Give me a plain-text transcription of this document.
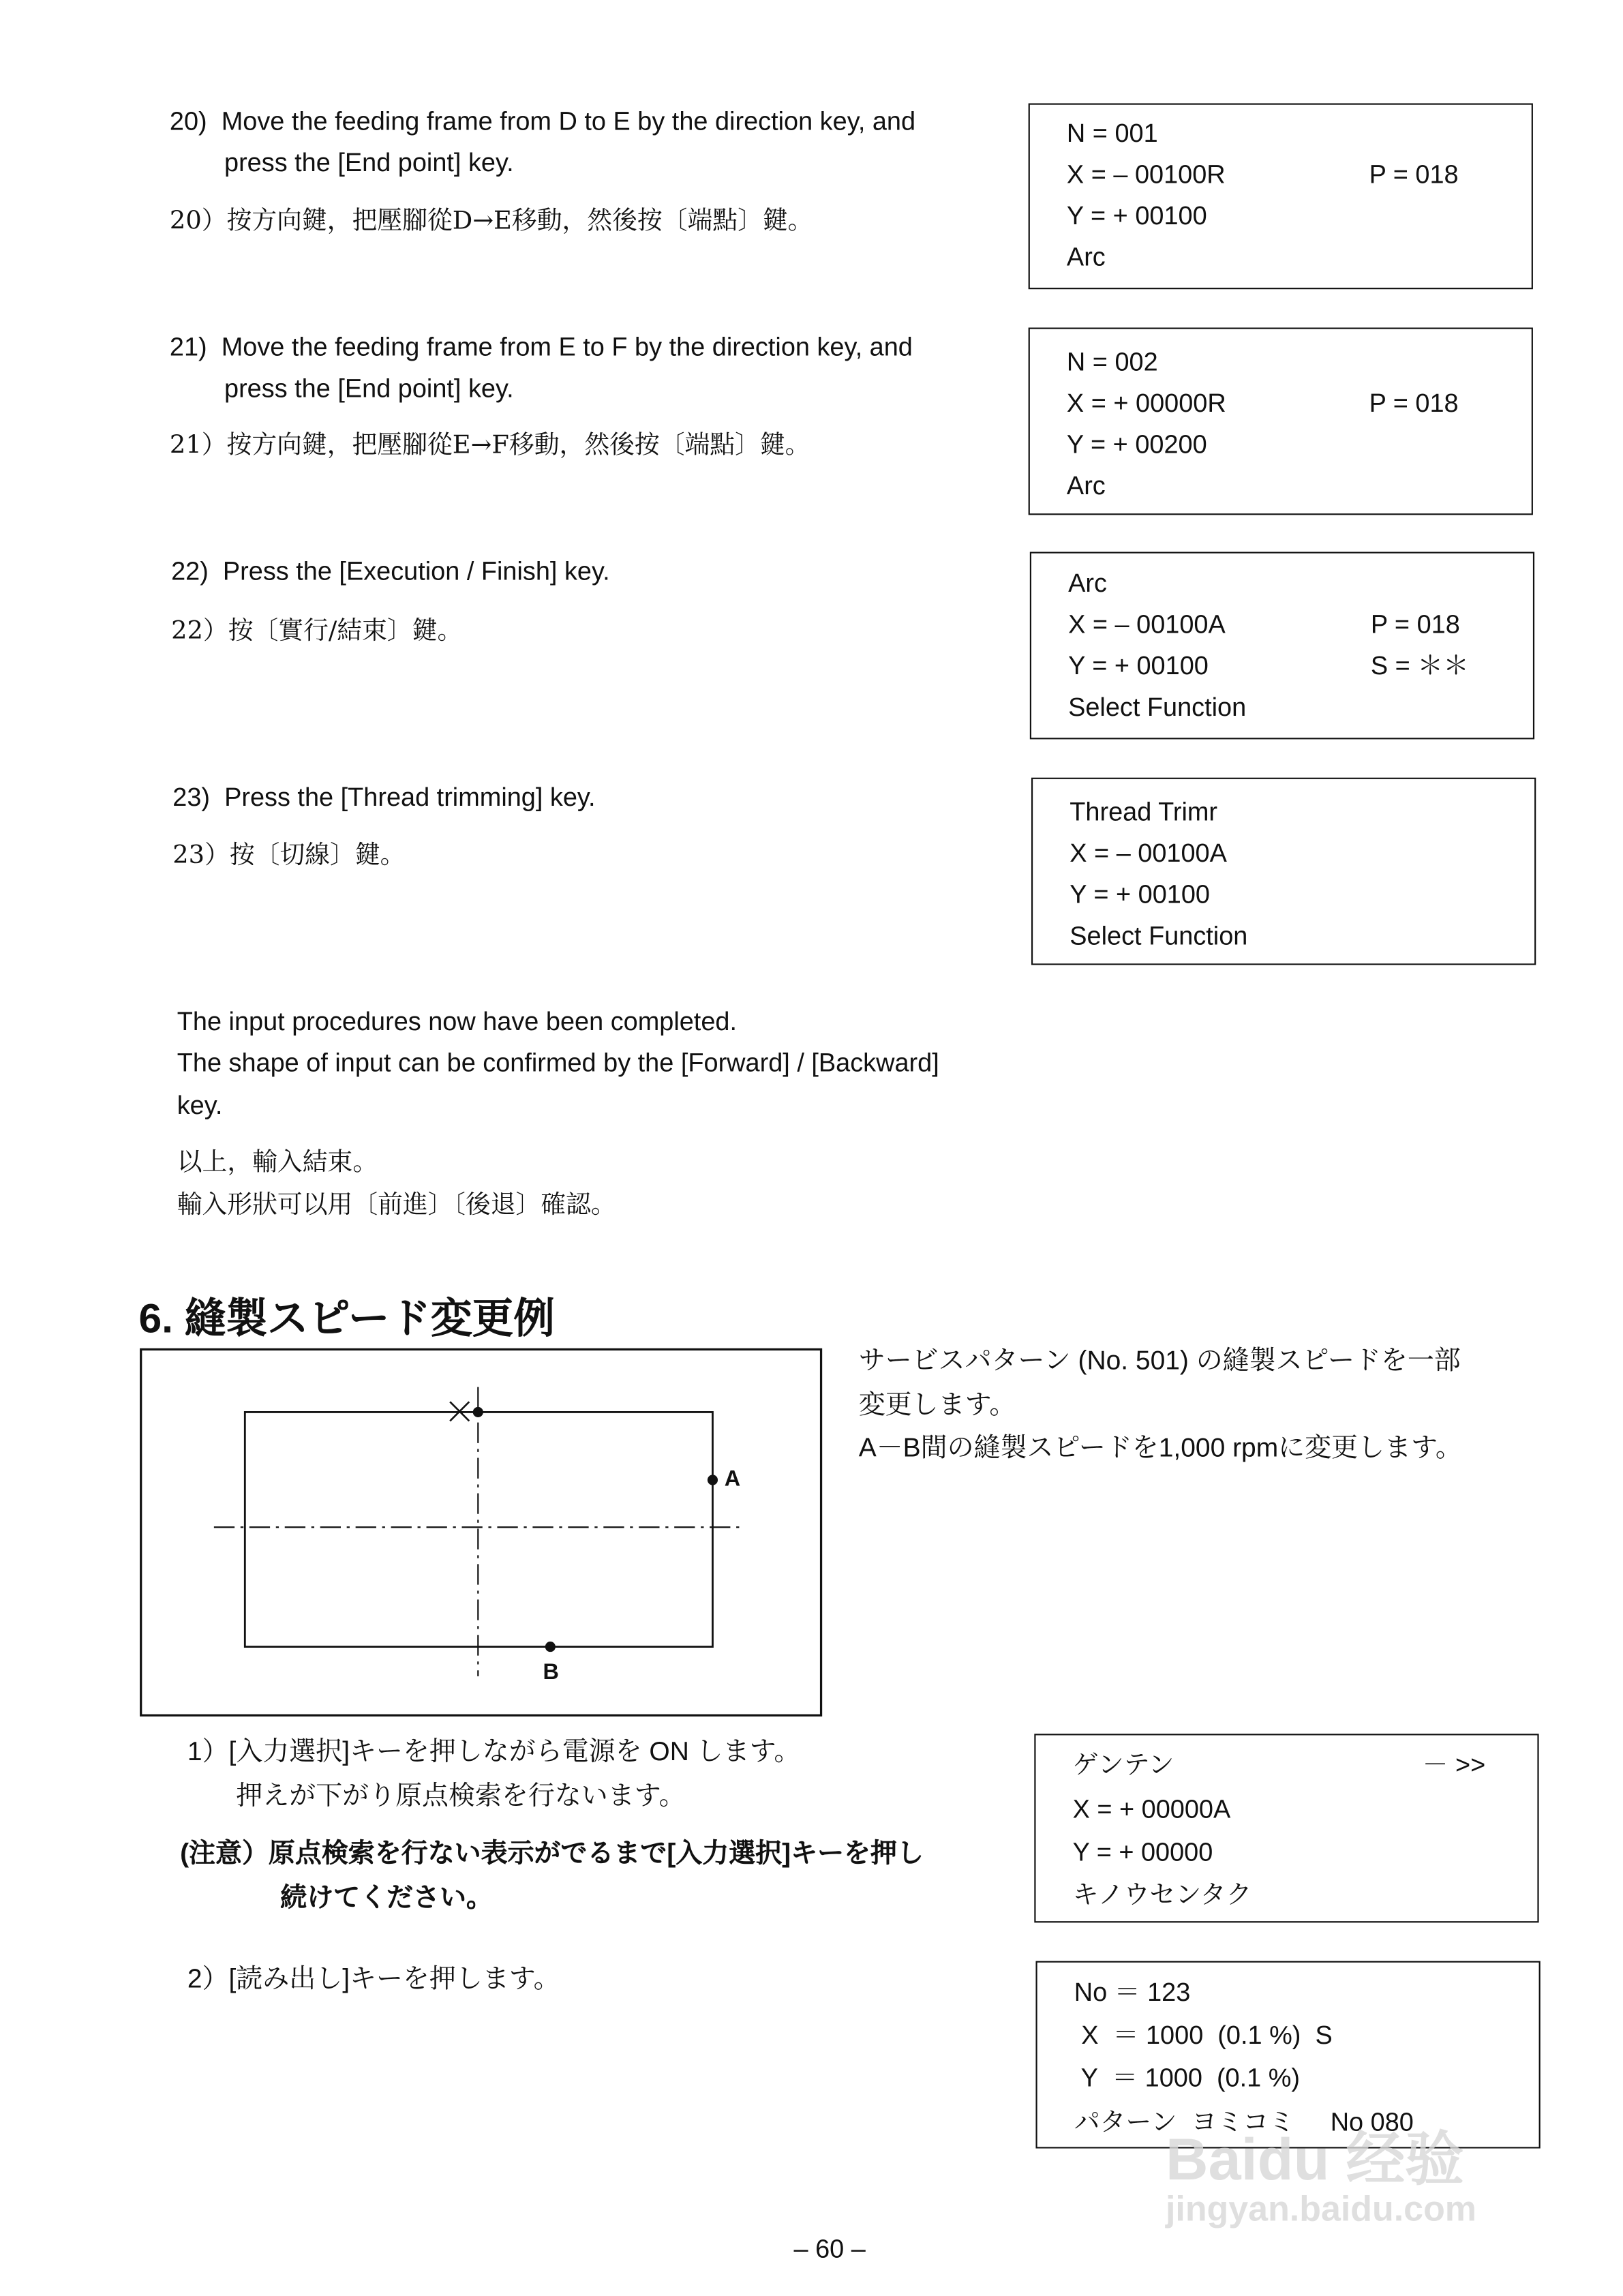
20) Move the feeding frame from D to E by the direction key, and
press the [End point] key.
20）按方向鍵，把壓腳從D→E移動，然後按〔端點〕鍵。
21) Move the feeding frame from E to F by the direction key, and
press the [End point] key.
21）按方向鍵，把壓腳從E→F移動，然後按〔端點〕鍵。
22) Press the [Execution / Finish] key.
22）按〔實行/結束〕鍵。
23) Press the [Thread trimming] key.
23）按〔切線〕鍵。
N = 001
X = – 00100R	P = 018
Y = + 00100
Arc
N = 002
X = + 00000R	P = 018
Y = + 00200
Arc
Arc
X = – 00100A	P = 018
Y = + 00100	S = ＊＊
Select Function
Thread Trimr
X = – 00100A
Y = + 00100
Select Function
The input procedures now have been completed.
The shape of input can be confirmed by the [Forward] / [Backward]
key.
以上，輸入結束。
輸入形狀可以用〔前進〕〔後退〕確認。
6. 縫製スピード変更例
A
B
サービスパターン (No. 501) の縫製スピードを一部
変更します。
A－B間の縫製スピードを1,000 rpmに変更します。
1）[入力選択]キーを押しながら電源を ON します。
押えが下がり原点検索を行ないます。
(注意）原点検索を行ない表示がでるまで[入力選択]キーを押し
続けてください。
2）[読み出し]キーを押します。
ゲンテン	－ >>
X = + 00000A
Y = + 00000
キノウセンタク
No ＝ 123
X  ＝ 1000  (0.1 %)  S
Y  ＝ 1000  (0.1 %)
パターン  ヨミコミ     No 080
Baidu 经验
jingyan.baidu.com
– 60 –
